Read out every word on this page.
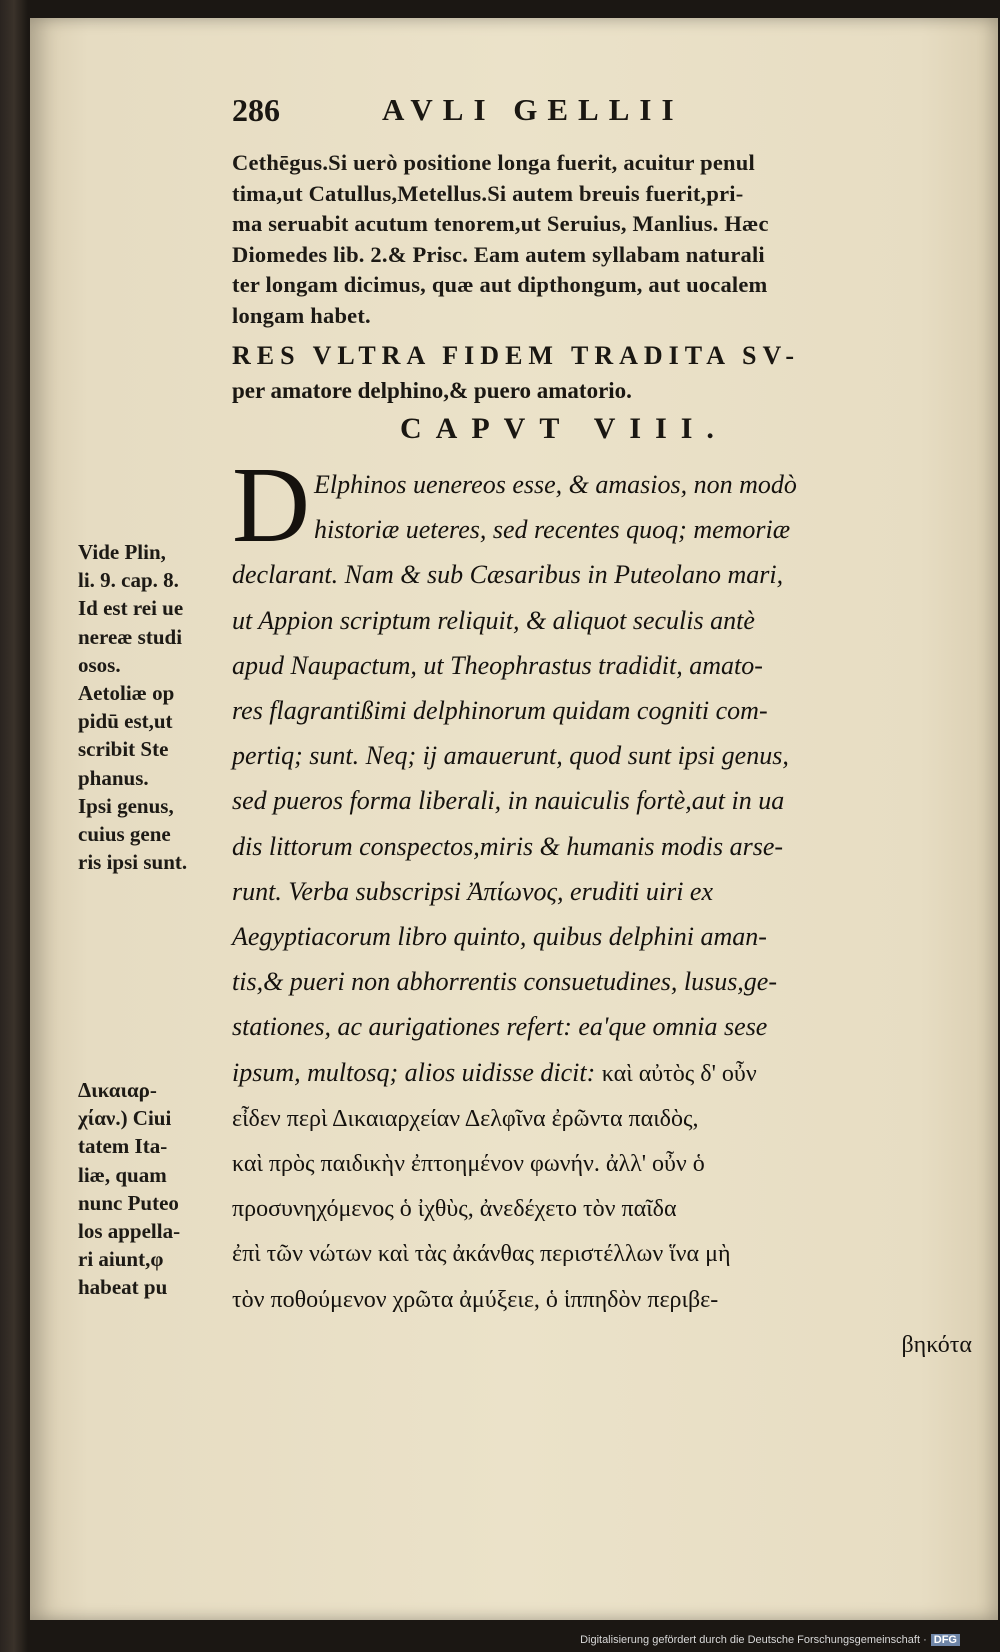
286	AVLI GELLII
Cethēgus.Si uerò positione longa fuerit, acuitur penul
tima,ut Catullus,Metellus.Si autem breuis fuerit,pri-
ma seruabit acutum tenorem,ut Seruius, Manlius. Hæc
Diomedes lib. 2.& Prisc. Eam autem syllabam naturali
ter longam dicimus, quæ aut dipthongum, aut uocalem
longam habet.
RES VLTRA FIDEM TRADITA SV-
per amatore delphino,& puero amatorio.
CAPVT VIII.
D Elphinos uenereos esse, & amasios, non modò
historiæ ueteres, sed recentes quoq; memoriæ
declarant. Nam & sub Cæsaribus in Puteolano mari,
ut Appion scriptum reliquit, & aliquot seculis antè
apud Naupactum, ut Theophrastus tradidit, amato-
res flagrantißimi delphinorum quidam cogniti com-
pertiq; sunt. Neq; ij amauerunt, quod sunt ipsi genus,
sed pueros forma liberali, in nauiculis fortè,aut in ua
dis littorum conspectos,miris & humanis modis arse-
runt. Verba subscripsi Ἀπίωνος, eruditi uiri ex
Aegyptiacorum libro quinto, quibus delphini aman-
tis,& pueri non abhorrentis consuetudines, lusus,ge-
stationes, ac aurigationes refert: ea'que omnia sese
ipsum, multosq; alios uidisse dicit: καὶ αὐτὸς δ' οὖν
εἶδεν περὶ Δικαιαρχείαν Δελφῖνα ἐρῶντα παιδὸς,
καὶ πρὸς παιδικὴν ἐπτοημένον φωνήν. ἀλλ' οὖν ὁ
προσυνηχόμενος ὁ ἰχθὺς, ἀνεδέχετο τὸν παῖδα
ἐπὶ τῶν νώτων καὶ τὰς ἀκάνθας περιστέλλων ἵνα μὴ
τὸν ποθούμενον χρῶτα ἀμύξειε, ὁ ἱππηδὸν περιβε-
βηκότα
Vide Plin,
li. 9. cap. 8.
Id est rei ue
nereæ studi
osos.
Aetoliæ op
pidū est,ut
scribit Ste
phanus.
Ipsi genus,
cuius gene
ris ipsi sunt.
Δικαιαρ-
χίαν.) Ciui
tatem Ita-
liæ, quam
nunc Puteo
los appella-
ri aiunt,φ
habeat pu
Digitalisierung gefördert durch die Deutsche Forschungsgemeinschaft · DFG
